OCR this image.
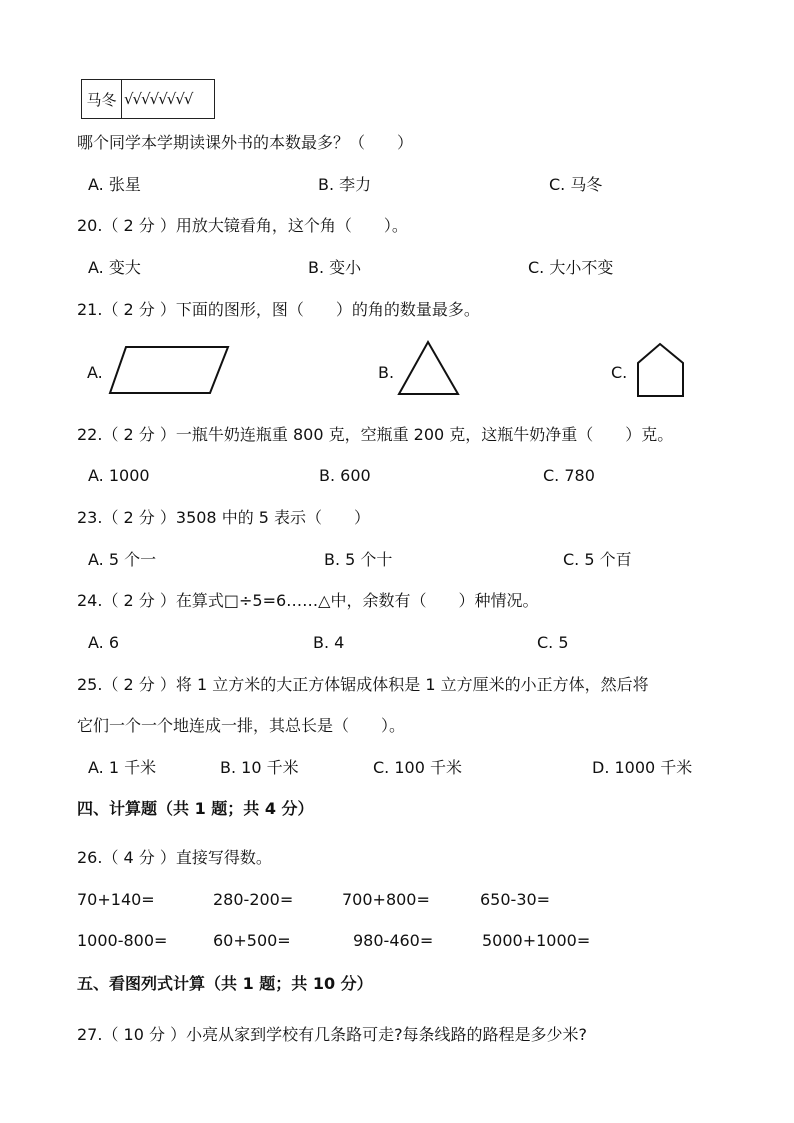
马冬 √√√√√√√√
哪个同学本学期读课外书的本数最多？（　　）
A. 张星	B. 李力	C. 马冬
20.（ 2 分 ）用放大镜看角，这个角（　　）。
A. 变大	B. 变小	C. 大小不变
21.（ 2 分 ）下面的图形，图（　　）的角的数量最多。
A.	B.	C.
22.（ 2 分 ）一瓶牛奶连瓶重 800 克，空瓶重 200 克，这瓶牛奶净重（　　）克。
A. 1000	B. 600	C. 780
23.（ 2 分 ）3508 中的 5 表示（　　）
A. 5 个一	B. 5 个十	C. 5 个百
24.（ 2 分 ）在算式□÷5=6……△中，余数有（　　）种情况。
A. 6	B. 4	C. 5
25.（ 2 分 ）将 1 立方米的大正方体锯成体积是 1 立方厘米的小正方体，然后将
它们一个一个地连成一排，其总长是（　　）。
A. 1 千米	B. 10 千米	C. 100 千米	D. 1000 千米
四、计算题（共 1 题；共 4 分）
26.（ 4 分 ）直接写得数。
70+140=	280-200=	700+800=	650-30=
1000-800=	60+500=	980-460=	5000+1000=
五、看图列式计算（共 1 题；共 10 分）
27.（ 10 分 ）小亮从家到学校有几条路可走?每条线路的路程是多少米?
